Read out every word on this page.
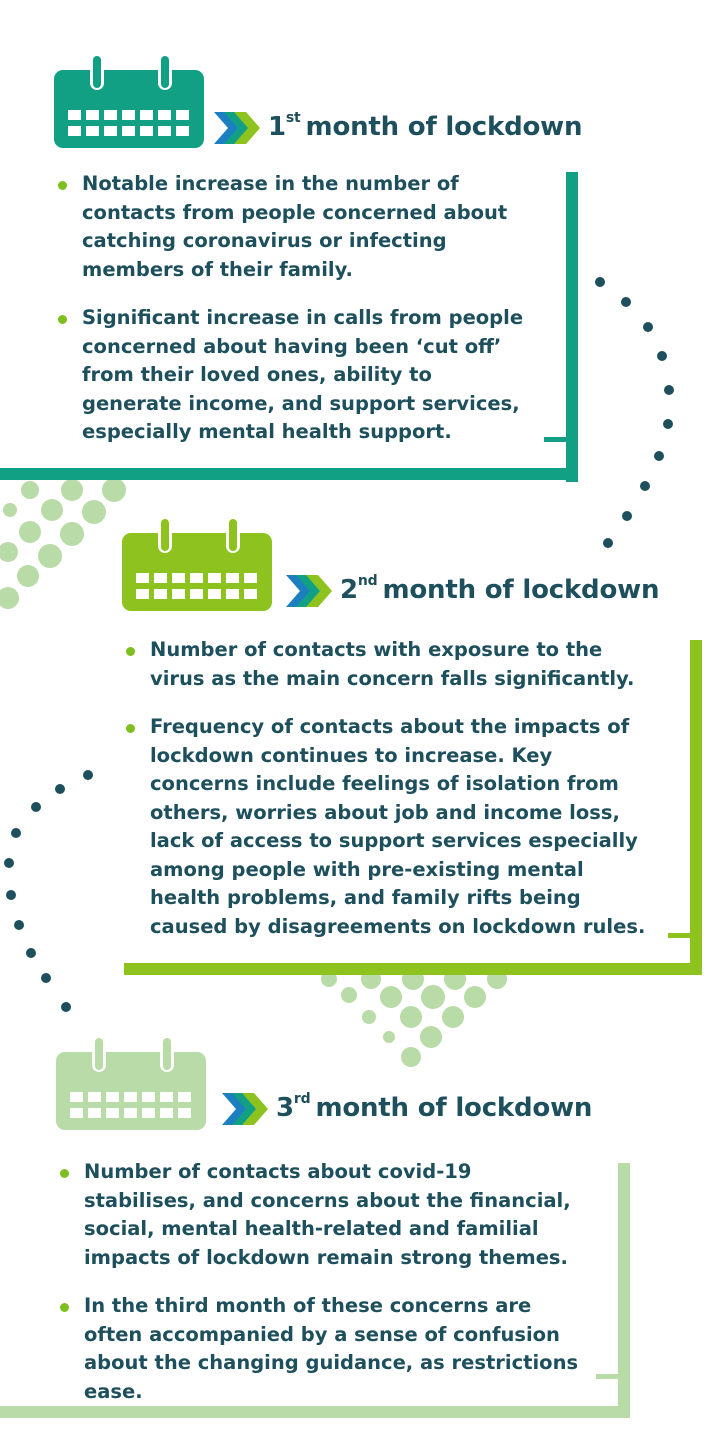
1st  month of lockdown
Notable increase in the number of contacts from people concerned about catching coronavirus or infecting members of their family.
Significant increase in calls from people concerned about having been ‘cut off’ from their loved ones, ability to generate income, and support services, especially mental health support.
2nd  month of lockdown
Number of contacts with exposure to the virus as the main concern falls significantly.
Frequency of contacts about the impacts of lockdown continues to increase. Key concerns include feelings of isolation from others, worries about job and income loss, lack of access to support services especially among people with pre-existing mental health problems, and family rifts being caused by disagreements on lockdown rules.
3rd  month of lockdown
Number of contacts about covid-19 stabilises, and concerns about the financial, social, mental health-related and familial impacts of lockdown remain strong themes.
In the third month of these concerns are often accompanied by a sense of confusion about the changing guidance, as restrictions ease.
